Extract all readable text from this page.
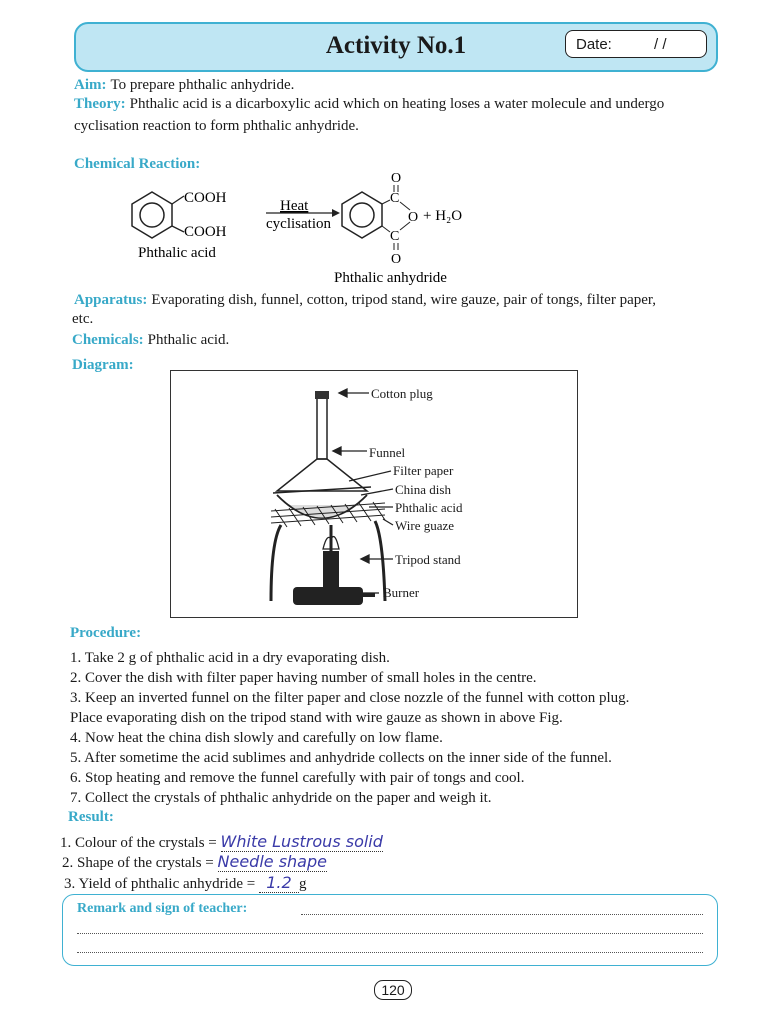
Activity No.1	Date:	/ /
Aim: To prepare phthalic anhydride.
Theory: Phthalic acid is a dicarboxylic acid which on heating loses a water molecule and undergo
cyclisation reaction to form phthalic anhydride.
Chemical Reaction:
COOH
COOH
Phthalic acid
Heat
cyclisation
O
C
O
C
O
+ H₂O
Phthalic anhydride
Apparatus: Evaporating dish, funnel, cotton, tripod stand, wire gauze, pair of tongs, filter paper,
etc.
Chemicals: Phthalic acid.
Diagram:
Cotton plug
Funnel
Filter paper
China dish
Phthalic acid
Wire guaze
Tripod stand
Burner
Procedure:
1. Take 2 g of phthalic acid in a dry evaporating dish.
2. Cover the dish with filter paper having number of small holes in the centre.
3. Keep an inverted funnel on the filter paper and close nozzle of the funnel with cotton plug.
Place evaporating dish on the tripod stand with wire gauze as shown in above Fig.
4. Now heat the china dish slowly and carefully on low flame.
5. After sometime the acid sublimes and anhydride collects on the inner side of the funnel.
6. Stop heating and remove the funnel carefully with pair of tongs and cool.
7. Collect the crystals of phthalic anhydride on the paper and weigh it.
Result:
1. Colour of the crystals = White Lustrous solid
2. Shape of the crystals = Needle shape
3. Yield of phthalic anhydride = 1.2 g
Remark and sign of teacher:
120
